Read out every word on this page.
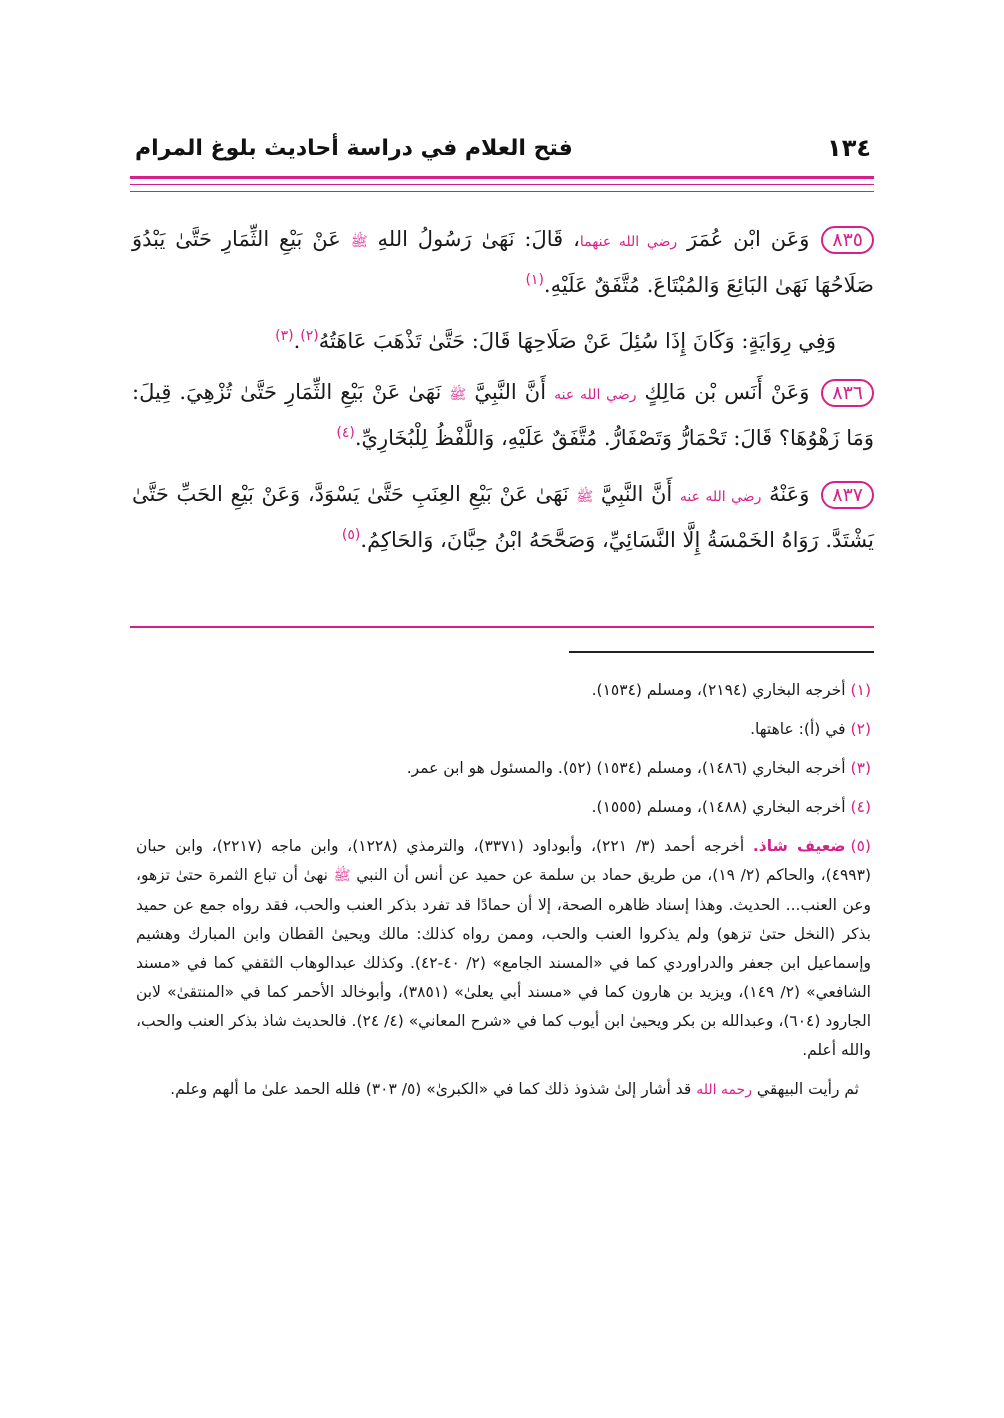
١٣٤
فتح العلام في دراسة أحاديث بلوغ المرام

٨٣٥وَعَن ابْن عُمَرَ رضي الله عنهما، قَالَ: نَهَىٰ رَسُولُ اللهِ ﷺ عَنْ بَيْعِ الثِّمَارِ حَتَّىٰ يَبْدُوَ صَلَاحُهَا نَهَىٰ البَائِعَ وَالمُبْتَاعَ. مُتَّفَقٌ عَلَيْهِ.$^{(١)}$

وَفِي رِوَايَةٍ: وَكَانَ إِذَا سُئِلَ عَنْ صَلَاحِهَا قَالَ: حَتَّىٰ تَذْهَبَ عَاهَتُهُ$^{(٢)}$.$^{(٣)}$

٨٣٦وَعَنْ أَنَس بْن مَالِكٍ رضي الله عنه أَنَّ النَّبِيَّ ﷺ نَهَىٰ عَنْ بَيْعِ الثِّمَارِ حَتَّىٰ تُزْهِيَ. قِيلَ: وَمَا زَهْوُهَا؟ قَالَ: تَحْمَارُّ وَتَصْفَارُّ. مُتَّفَقٌ عَلَيْهِ، وَاللَّفْظُ لِلْبُخَارِيِّ.$^{(٤)}$

٨٣٧وَعَنْهُ رضي الله عنه أَنَّ النَّبِيَّ ﷺ نَهَىٰ عَنْ بَيْعِ العِنَبِ حَتَّىٰ يَسْوَدَّ، وَعَنْ بَيْعِ الحَبِّ حَتَّىٰ يَشْتَدَّ. رَوَاهُ الخَمْسَةُ إِلَّا النَّسَائِيِّ، وَصَحَّحَهُ ابْنُ حِبَّانَ، وَالحَاكِمُ.$^{(٥)}$

(١)أخرجه البخاري (٢١٩٤)، ومسلم (١٥٣٤).

(٢)في (أ): عاهتها.

(٣)أخرجه البخاري (١٤٨٦)، ومسلم (١٥٣٤) (٥٢). والمسئول هو ابن عمر.

(٤)أخرجه البخاري (١٤٨٨)، ومسلم (١٥٥٥).

(٥)ضعيف شاذ. أخرجه أحمد (٣/ ٢٢١)، وأبوداود (٣٣٧١)، والترمذي (١٢٢٨)، وابن ماجه (٢٢١٧)، وابن حبان (٤٩٩٣)، والحاكم (٢/ ١٩)، من طريق حماد بن سلمة عن حميد عن أنس أن النبي ﷺ نهىٰ أن تباع الثمرة حتىٰ تزهو، وعن العنب... الحديث. وهذا إسناد ظاهره الصحة، إلا أن حمادًا قد تفرد بذكر العنب والحب، فقد رواه جمع عن حميد بذكر (النخل حتىٰ تزهو) ولم يذكروا العنب والحب، وممن رواه كذلك: مالك ويحيىٰ القطان وابن المبارك وهشيم وإسماعيل ابن جعفر والدراوردي كما في «المسند الجامع» (٢/ ٤٠-٤٢). وكذلك عبدالوهاب الثقفي كما في «مسند الشافعي» (٢/ ١٤٩)، ويزيد بن هارون كما في «مسند أبي يعلىٰ» (٣٨٥١)، وأبوخالد الأحمر كما في «المنتقىٰ» لابن الجارود (٦٠٤)، وعبدالله بن بكر ويحيىٰ ابن أيوب كما في «شرح المعاني» (٤/ ٢٤). فالحديث شاذ بذكر العنب والحب، والله أعلم.

ثم رأيت البيهقي رحمه الله قد أشار إلىٰ شذوذ ذلك كما في «الكبرىٰ» (٥/ ٣٠٣) فلله الحمد علىٰ ما ألهم وعلم.
